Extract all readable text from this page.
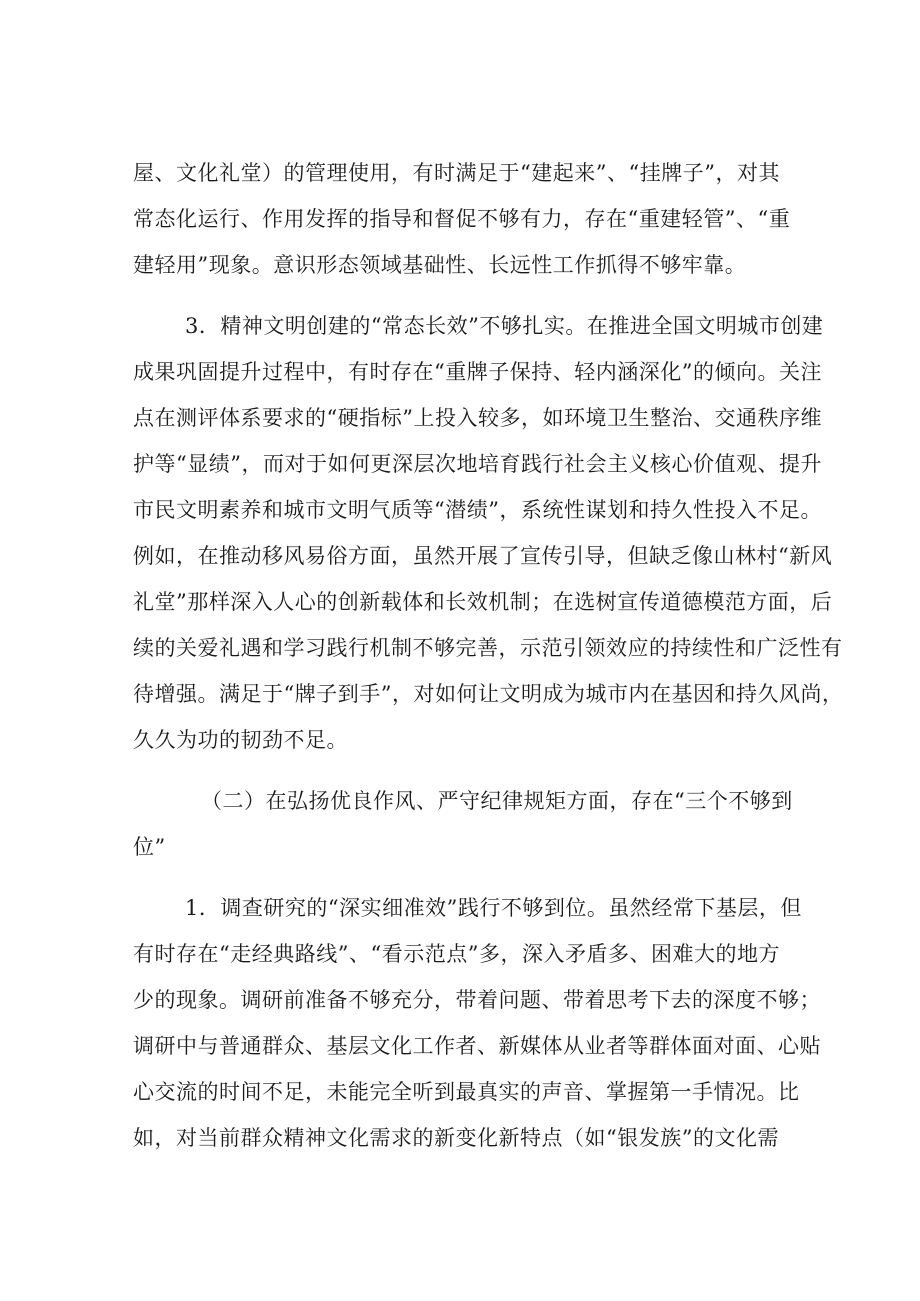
屋、文化礼堂）的管理使用，有时满足于“建起来”、“挂牌子”，对其
常态化运行、作用发挥的指导和督促不够有力，存在“重建轻管”、“重
建轻用”现象。意识形态领域基础性、长远性工作抓得不够牢靠。
3．精神文明创建的“常态长效”不够扎实。在推进全国文明城市创建
成果巩固提升过程中，有时存在“重牌子保持、轻内涵深化”的倾向。关注
点在测评体系要求的“硬指标”上投入较多，如环境卫生整治、交通秩序维
护等“显绩”，而对于如何更深层次地培育践行社会主义核心价值观、提升
市民文明素养和城市文明气质等“潜绩”，系统性谋划和持久性投入不足。
例如，在推动移风易俗方面，虽然开展了宣传引导，但缺乏像山林村“新风
礼堂”那样深入人心的创新载体和长效机制；在选树宣传道德模范方面，后
续的关爱礼遇和学习践行机制不够完善，示范引领效应的持续性和广泛性有
待增强。满足于“牌子到手”，对如何让文明成为城市内在基因和持久风尚，
久久为功的韧劲不足。
（二）在弘扬优良作风、严守纪律规矩方面，存在“三个不够到
位”
1．调查研究的“深实细准效”践行不够到位。虽然经常下基层，但
有时存在“走经典路线”、“看示范点”多，深入矛盾多、困难大的地方
少的现象。调研前准备不够充分，带着问题、带着思考下去的深度不够；
调研中与普通群众、基层文化工作者、新媒体从业者等群体面对面、心贴
心交流的时间不足，未能完全听到最真实的声音、掌握第一手情况。比
如，对当前群众精神文化需求的新变化新特点（如“银发族”的文化需
